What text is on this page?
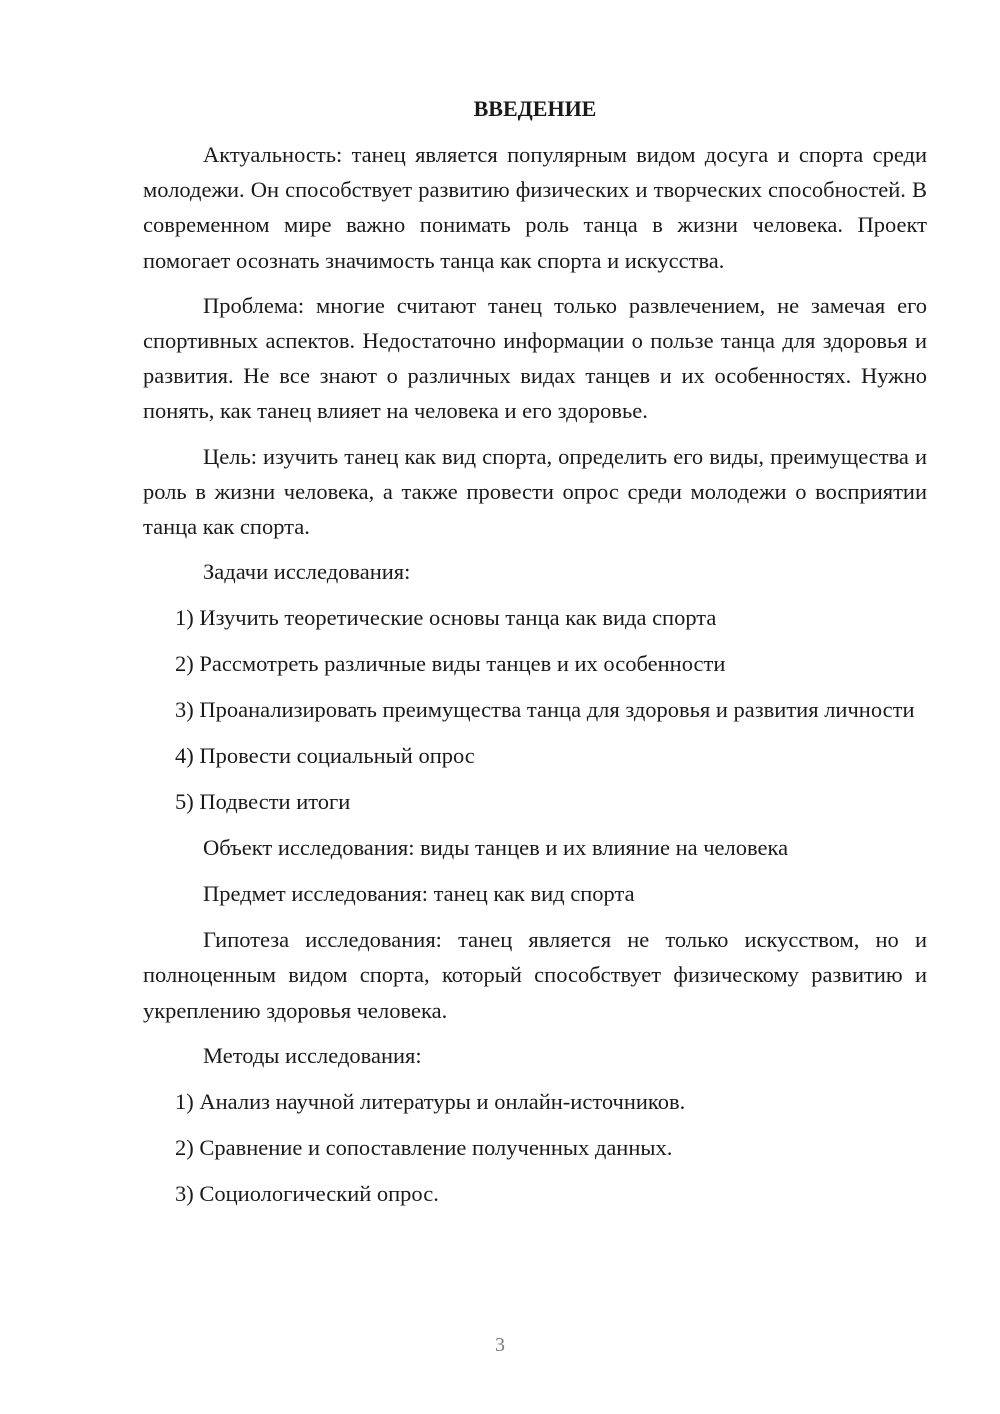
ВВЕДЕНИЕ

Актуальность: танец является популярным видом досуга и спорта среди молодежи. Он способствует развитию физических и творческих способностей. В современном мире важно понимать роль танца в жизни человека. Проект помогает осознать значимость танца как спорта и искусства.

Проблема: многие считают танец только развлечением, не замечая его спортивных аспектов. Недостаточно информации о пользе танца для здоровья и развития. Не все знают о различных видах танцев и их особенностях. Нужно понять, как танец влияет на человека и его здоровье.

Цель: изучить танец как вид спорта, определить его виды, преимущества и роль в жизни человека, а также провести опрос среди молодежи о восприятии танца как спорта.

Задачи исследования:
1) Изучить теоретические основы танца как вида спорта
2) Рассмотреть различные виды танцев и их особенности
3) Проанализировать преимущества танца для здоровья и развития личности
4) Провести социальный опрос
5) Подвести итоги
Объект исследования: виды танцев и их влияние на человека
Предмет исследования: танец как вид спорта

Гипотеза исследования: танец является не только искусством, но и полноценным видом спорта, который способствует физическому развитию и укреплению здоровья человека.

Методы исследования:
1) Анализ научной литературы и онлайн-источников.
2) Сравнение и сопоставление полученных данных.
3) Социологический опрос.
3
